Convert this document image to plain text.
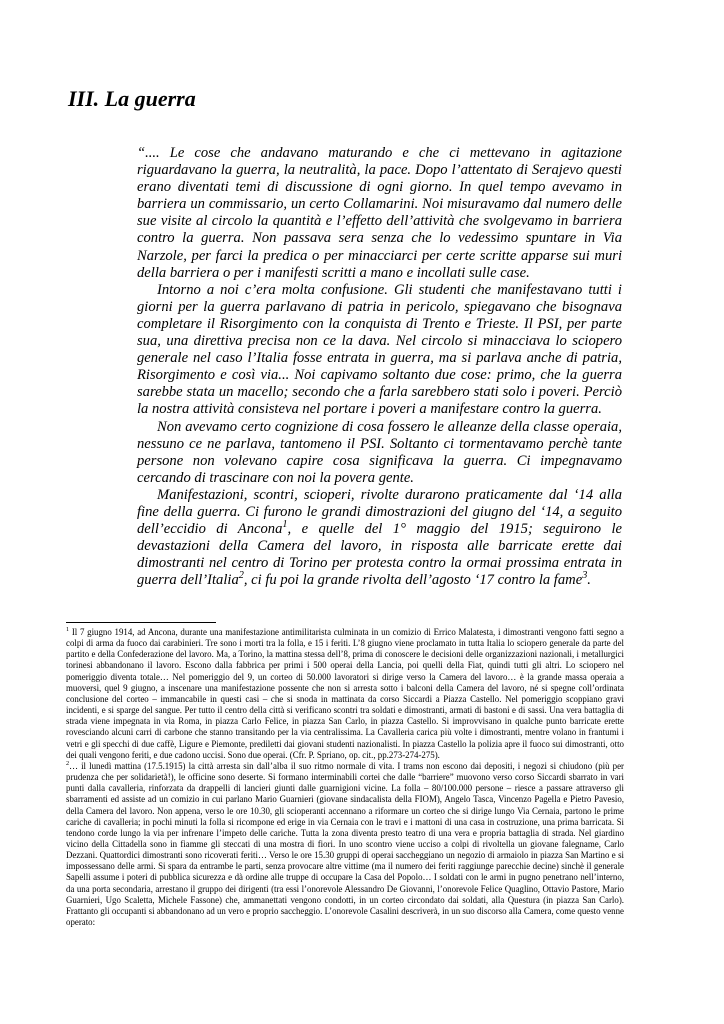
III. La guerra

“.... Le cose che andavano maturando e che ci mettevano in agitazione riguardavano la guerra, la neutralità, la pace. Dopo l’attentato di Serajevo questi erano diventati temi di discussione di ogni giorno. In quel tempo avevamo in barriera un commissario, un certo Collamarini. Noi misuravamo dal numero delle sue visite al circolo la quantità e l’effetto dell’attività che svolgevamo in barriera contro la guerra. Non passava sera senza che lo vedessimo spuntare in Via Narzole, per farci la predica o per minacciarci per certe scritte apparse sui muri della barriera o per i manifesti scritti a mano e incollati sulle case.

Intorno a noi c’era molta confusione. Gli studenti che manifestavano tutti i giorni per la guerra parlavano di patria in pericolo, spiegavano che bisognava completare il Risorgimento con la conquista di Trento e Trieste. Il PSI, per parte sua, una direttiva precisa non ce la dava. Nel circolo si minacciava lo sciopero generale nel caso l’Italia fosse entrata in guerra, ma si parlava anche di patria, Risorgimento e così via... Noi capivamo soltanto due cose: primo, che la guerra sarebbe stata un macello; secondo che a farla sarebbero stati solo i poveri. Perciò la nostra attività consisteva nel portare i poveri a manifestare contro la guerra.

Non avevamo certo cognizione di cosa fossero le alleanze della classe operaia, nessuno ce ne parlava, tantomeno il PSI. Soltanto ci tormentavamo perchè tante persone non volevano capire cosa significava la guerra. Ci impegnavamo cercando di trascinare con noi la povera gente.

Manifestazioni, scontri, scioperi, rivolte durarono praticamente dal ‘14 alla fine della guerra. Ci furono le grandi dimostrazioni del giugno del ‘14, a seguito dell’eccidio di Ancona$^1$, e quelle del 1° maggio del 1915; seguirono le devastazioni della Camera del lavoro, in risposta alle barricate erette dai dimostranti nel centro di Torino per protesta contro la ormai prossima entrata in guerra dell’Italia$^2$, ci fu poi la grande rivolta dell’agosto ‘17 contro la fame$^3$.

$^1$ Il 7 giugno 1914, ad Ancona, durante una manifestazione antimilitarista culminata in un comizio di Errico Malatesta, i dimostranti vengono fatti segno a colpi di arma da fuoco dai carabinieri. Tre sono i morti tra la folla, e 15 i feriti. L’8 giugno viene proclamato in tutta Italia lo sciopero generale da parte del partito e della Confederazione del lavoro. Ma, a Torino, la mattina stessa dell’8, prima di conoscere le decisioni delle organizzazioni nazionali, i metallurgici torinesi abbandonano il lavoro. Escono dalla fabbrica per primi i 500 operai della Lancia, poi quelli della Fiat, quindi tutti gli altri. Lo sciopero nel pomeriggio diventa totale… Nel pomeriggio del 9, un corteo di 50.000 lavoratori si dirige verso la Camera del lavoro… è la grande massa operaia a muoversi, quel 9 giugno, a inscenare una manifestazione possente che non si arresta sotto i balconi della Camera del lavoro, né si spegne coll’ordinata conclusione del corteo – immancabile in questi casi – che si snoda in mattinata da corso Siccardi a Piazza Castello. Nel pomeriggio scoppiano gravi incidenti, e si sparge del sangue. Per tutto il centro della città si verificano scontri tra soldati e dimostranti, armati di bastoni e di sassi. Una vera battaglia di strada viene impegnata in via Roma, in piazza Carlo Felice, in piazza San Carlo, in piazza Castello. Si improvvisano in qualche punto barricate erette rovesciando alcuni carri di carbone che stanno transitando per la via centralissima. La Cavalleria carica più volte i dimostranti, mentre volano in frantumi i vetri e gli specchi di due caffè, Ligure e Piemonte, prediletti dai giovani studenti nazionalisti. In piazza Castello la polizia apre il fuoco sui dimostranti, otto dei quali vengono feriti, e due cadono uccisi. Sono due operai. (Cfr. P. Spriano, op. cit., pp.273-274-275).

$^2$… il lunedì mattina (17.5.1915) la città arresta sin dall’alba il suo ritmo normale di vita. I trams non escono dai depositi, i negozi si chiudono (più per prudenza che per solidarietà!), le officine sono deserte. Si formano interminabili cortei che dalle “barriere” muovono verso corso Siccardi sbarrato in vari punti dalla cavalleria, rinforzata da drappelli di lancieri giunti dalle guarnigioni vicine. La folla – 80/100.000 persone – riesce a passare attraverso gli sbarramenti ed assiste ad un comizio in cui parlano Mario Guarnieri (giovane sindacalista della FIOM), Angelo Tasca, Vincenzo Pagella e Pietro Pavesio, della Camera del lavoro. Non appena, verso le ore 10.30, gli scioperanti accennano a riformare un corteo che si dirige lungo Via Cernaia, partono le prime cariche di cavalleria; in pochi minuti la folla si ricompone ed erige in via Cernaia con le travi e i mattoni di una casa in costruzione, una prima barricata. Si tendono corde lungo la via per infrenare l’impeto delle cariche. Tutta la zona diventa presto teatro di una vera e propria battaglia di strada. Nel giardino vicino della Cittadella sono in fiamme gli steccati di una mostra di fiori. In uno scontro viene ucciso a colpi di rivoltella un giovane falegname, Carlo Dezzani. Quattordici dimostranti sono ricoverati feriti… Verso le ore 15.30 gruppi di operai saccheggiano un negozio di armaiolo in piazza San Martino e si impossessano delle armi. Si spara da entrambe le parti, senza provocare altre vittime (ma il numero dei feriti raggiunge parecchie decine) sinchè il generale Sapelli assume i poteri di pubblica sicurezza e dà ordine alle truppe di occupare la Casa del Popolo… I soldati con le armi in pugno penetrano nell’interno, da una porta secondaria, arrestano il gruppo dei dirigenti (tra essi l’onorevole Alessandro De Giovanni, l’onorevole Felice Quaglino, Ottavio Pastore, Mario Guarnieri, Ugo Scaletta, Michele Fassone) che, ammanettati vengono condotti, in un corteo circondato dai soldati, alla Questura (in piazza San Carlo). Frattanto gli occupanti si abbandonano ad un vero e proprio saccheggio. L’onorevole Casalini descriverà, in un suo discorso alla Camera, come questo venne operato:
